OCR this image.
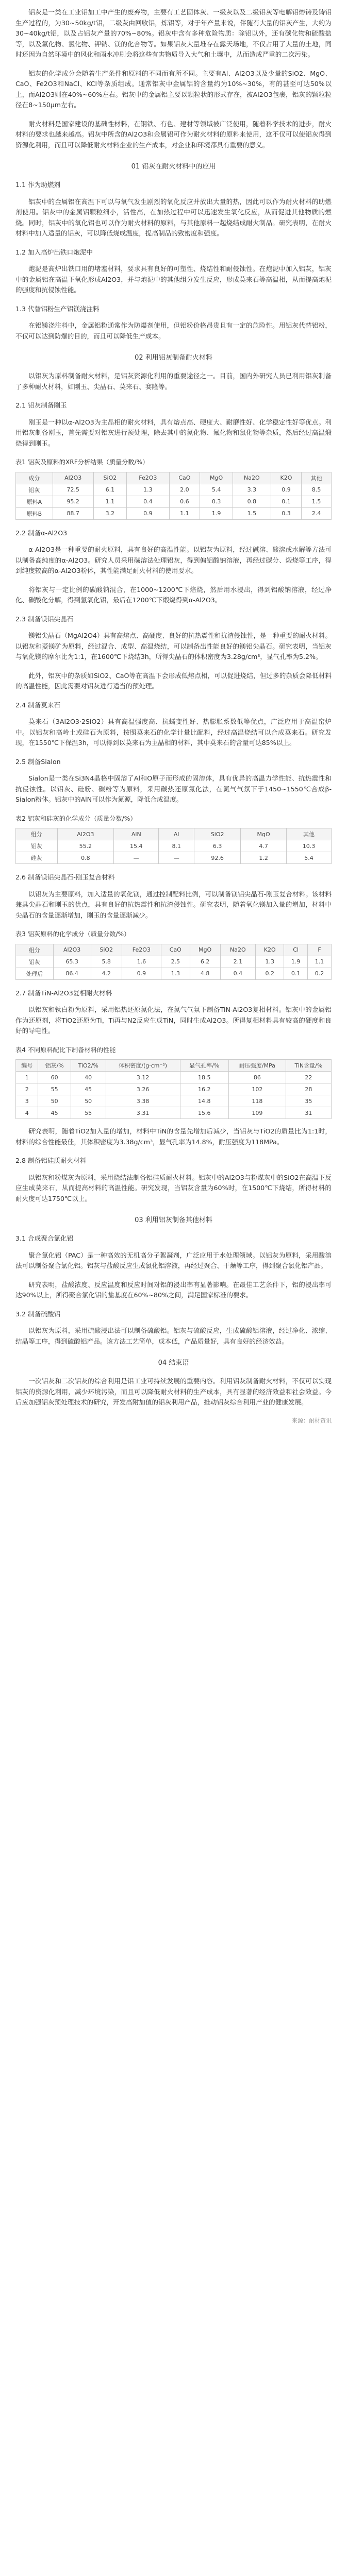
铝灰是一类在工业铝加工中产生的废弃物，主要有工艺固体灰、一级灰以及二级铝灰等电解铝熔铸及铸铝生产过程的，为30~50kg/t铝，二级灰由回收铝，炼铝等，对于年产量来说，伴随有大量的铝灰产生，大约为30~40kg/t铝，以及占铝灰产量的70%~80%。铝灰中含有多种危险物质：除铝以外，还有碳化物和硫酸盐等，以及氟化物、氯化物、钾钠、镁的化合物等。如果铝灰大量堆存在露天场地，不仅占用了大量的土地，同时还因为自然环境中的风化和雨水冲刷会将这些有害物质导入大气和土壤中，从而造成严重的二次污染。

铝灰的化学成分会随着生产条件和原料的不同而有所不同。主要有Al、Al2O3以及少量的SiO2、MgO、CaO、Fe2O3和NaCl、KCl等杂质组成。通常铝灰中金属铝的含量约为10%~30%，有的甚至可达50%以上，而Al2O3则在40%~60%左右。铝灰中的金属铝主要以颗粒状的形式存在，被Al2O3包裹，铝灰的颗粒粒径在8~150μm左右。

耐火材料是国家建设的基础性材料，在钢铁、有色、建材等领域被广泛使用，随着科学技术的进步，耐火材料的要求也越来越高。铝灰中所含的Al2O3和金属铝可作为耐火材料的原料来使用，这不仅可以使铝灰得到资源化利用，而且可以降低耐火材料企业的生产成本，对企业和环境都具有重要的意义。

01 铝灰在耐火材料中的应用

1.1 作为助燃剂

铝灰中的金属铝在高温下可以与氧气发生剧烈的氧化反应并放出大量的热，因此可以作为耐火材料的助燃剂使用。铝灰中的金属铝颗粒细小，活性高，在加热过程中可以迅速发生氧化反应，从而促进其他物质的燃烧。同时，铝灰中的氧化铝也可以作为耐火材料的原料，与其他原料一起烧结成耐火制品。研究表明，在耐火材料中加入适量的铝灰，可以降低烧成温度，提高制品的致密度和强度。

1.2 加入高炉出铁口炮泥中

炮泥是高炉出铁口用的堵塞材料，要求具有良好的可塑性、烧结性和耐侵蚀性。在炮泥中加入铝灰，铝灰中的金属铝在高温下氧化形成Al2O3，并与炮泥中的其他组分发生反应，形成莫来石等高温相，从而提高炮泥的强度和抗侵蚀性能。

1.3 代替铝粉生产铝镁浇注料

在铝镁浇注料中，金属铝粉通常作为防爆剂使用，但铝粉价格昂贵且有一定的危险性。用铝灰代替铝粉，不仅可以达到防爆的目的，而且可以降低生产成本。

02 利用铝灰制备耐火材料

以铝灰为原料制备耐火材料，是铝灰资源化利用的重要途径之一。目前，国内外研究人员已利用铝灰制备了多种耐火材料，如刚玉、尖晶石、莫来石、赛隆等。

2.1 铝灰制备刚玉

刚玉是一种以α-Al2O3为主晶相的耐火材料，具有熔点高、硬度大、耐磨性好、化学稳定性好等优点。利用铝灰制备刚玉，首先需要对铝灰进行预处理，除去其中的氮化物、氟化物和氯化物等杂质，然后经过高温煅烧得到刚玉。

表1 铝灰及原料的XRF分析结果（质量分数/%）

成分	Al2O3	SiO2	Fe2O3	CaO	MgO	Na2O	K2O	其他
铝灰	72.5	6.1	1.3	2.0	5.4	3.3	0.9	8.5
原料A	95.2	1.1	0.4	0.6	0.3	0.8	0.1	1.5
原料B	88.7	3.2	0.9	1.1	1.9	1.5	0.3	2.4

2.2 制备α-Al2O3

α-Al2O3是一种重要的耐火原料，具有良好的高温性能。以铝灰为原料，经过碱溶、酸溶或水解等方法可以制备高纯度的α-Al2O3。研究人员采用碱溶法处理铝灰，得到偏铝酸钠溶液，再经过碳分、煅烧等工序，得到纯度较高的α-Al2O3粉体，其性能满足耐火材料的使用要求。

将铝灰与一定比例的碳酸钠混合，在1000~1200℃下焙烧，然后用水浸出，得到铝酸钠溶液，经过净化、碳酸化分解，得到氢氧化铝，最后在1200℃下煅烧得到α-Al2O3。

2.3 制备镁铝尖晶石

镁铝尖晶石（MgAl2O4）具有高熔点、高硬度、良好的抗热震性和抗渣侵蚀性，是一种重要的耐火材料。以铝灰和菱镁矿为原料，经过混合、成型、高温烧结，可以制备出性能良好的镁铝尖晶石。研究表明，当铝灰与氧化镁的摩尔比为1:1，在1600℃下烧结3h，所得尖晶石的体积密度为3.28g/cm³，显气孔率为5.2%。

此外，铝灰中的杂质如SiO2、CaO等在高温下会形成低熔点相，可以促进烧结，但过多的杂质会降低材料的高温性能，因此需要对铝灰进行适当的预处理。

2.4 制备莫来石

莫来石（3Al2O3·2SiO2）具有高温强度高、抗蠕变性好、热膨胀系数低等优点，广泛应用于高温窑炉中。以铝灰和高岭土或硅石为原料，按照莫来石的化学计量比配料，经过高温烧结可以合成莫来石。研究发现，在1550℃下保温3h，可以得到以莫来石为主晶相的材料，其中莫来石的含量可达85%以上。

2.5 制备Sialon

Sialon是一类在Si3N4晶格中固溶了Al和O原子而形成的固溶体，具有优异的高温力学性能、抗热震性和抗侵蚀性。以铝灰、硅粉、碳粉等为原料，采用碳热还原氮化法，在氮气气氛下于1450~1550℃合成β-Sialon粉体。铝灰中的AlN可以作为氮源，降低合成温度。

表2 铝灰和硅灰的化学成分（质量分数/%）

组分	Al2O3	AlN	Al	SiO2	MgO	其他
铝灰	55.2	15.4	8.1	6.3	4.7	10.3
硅灰	0.8	—	—	92.6	1.2	5.4

2.6 制备镁铝尖晶石-刚玉复合材料

以铝灰为主要原料，加入适量的氧化镁，通过控制配料比例，可以制备镁铝尖晶石-刚玉复合材料。该材料兼具尖晶石和刚玉的优点，具有良好的抗热震性和抗渣侵蚀性。研究表明，随着氧化镁加入量的增加，材料中尖晶石的含量逐渐增加，刚玉的含量逐渐减少。

表3 铝灰原料的化学成分（质量分数/%）

组分	Al2O3	SiO2	Fe2O3	CaO	MgO	Na2O	K2O	Cl	F
铝灰	65.3	5.8	1.6	2.5	6.2	2.1	1.3	1.9	1.1
处理后	86.4	4.2	0.9	1.3	4.8	0.4	0.2	0.1	0.2

2.7 制备TiN-Al2O3复相耐火材料

以铝灰和钛白粉为原料，采用铝热还原氮化法，在氮气气氛下制备TiN-Al2O3复相材料。铝灰中的金属铝作为还原剂，将TiO2还原为Ti，Ti再与N2反应生成TiN，同时生成Al2O3。所得复相材料具有较高的硬度和良好的导电性。

表4 不同原料配比下制备材料的性能

编号	铝灰/%	TiO2/%	体积密度/(g·cm⁻³)	显气孔率/%	耐压强度/MPa	TiN含量/%
1	60	40	3.12	18.5	86	22
2	55	45	3.26	16.2	102	28
3	50	50	3.38	14.8	118	35
4	45	55	3.31	15.6	109	31

研究表明，随着TiO2加入量的增加，材料中TiN的含量先增加后减少，当铝灰与TiO2的质量比为1:1时，材料的综合性能最佳，其体积密度为3.38g/cm³，显气孔率为14.8%，耐压强度为118MPa。

2.8 制备铝硅质耐火材料

以铝灰和粉煤灰为原料，采用烧结法制备铝硅质耐火材料。铝灰中的Al2O3与粉煤灰中的SiO2在高温下反应生成莫来石，从而提高材料的高温性能。研究发现，当铝灰含量为60%时，在1500℃下烧结，所得材料的耐火度可达1750℃以上。

03 利用铝灰制备其他材料

3.1 合成聚合氯化铝

聚合氯化铝（PAC）是一种高效的无机高分子絮凝剂，广泛应用于水处理领域。以铝灰为原料，采用酸溶法可以制备聚合氯化铝。铝灰与盐酸反应生成氯化铝溶液，再经过聚合、干燥等工序，得到聚合氯化铝产品。

研究表明，盐酸浓度、反应温度和反应时间对铝的浸出率有显著影响。在最佳工艺条件下，铝的浸出率可达90%以上，所得聚合氯化铝的盐基度在60%~80%之间，满足国家标准的要求。

3.2 制备硫酸铝

以铝灰为原料，采用硫酸浸出法可以制备硫酸铝。铝灰与硫酸反应，生成硫酸铝溶液，经过净化、浓缩、结晶等工序，得到硫酸铝产品。该方法工艺简单，成本低，产品质量好，具有良好的经济效益。

04 结束语

一次铝灰和二次铝灰的综合利用是铝工业可持续发展的重要内容。利用铝灰制备耐火材料，不仅可以实现铝灰的资源化利用，减少环境污染，而且可以降低耐火材料的生产成本，具有显著的经济效益和社会效益。今后应加强铝灰预处理技术的研究，开发高附加值的铝灰利用产品，推动铝灰综合利用产业的健康发展。

来源：耐材资讯
